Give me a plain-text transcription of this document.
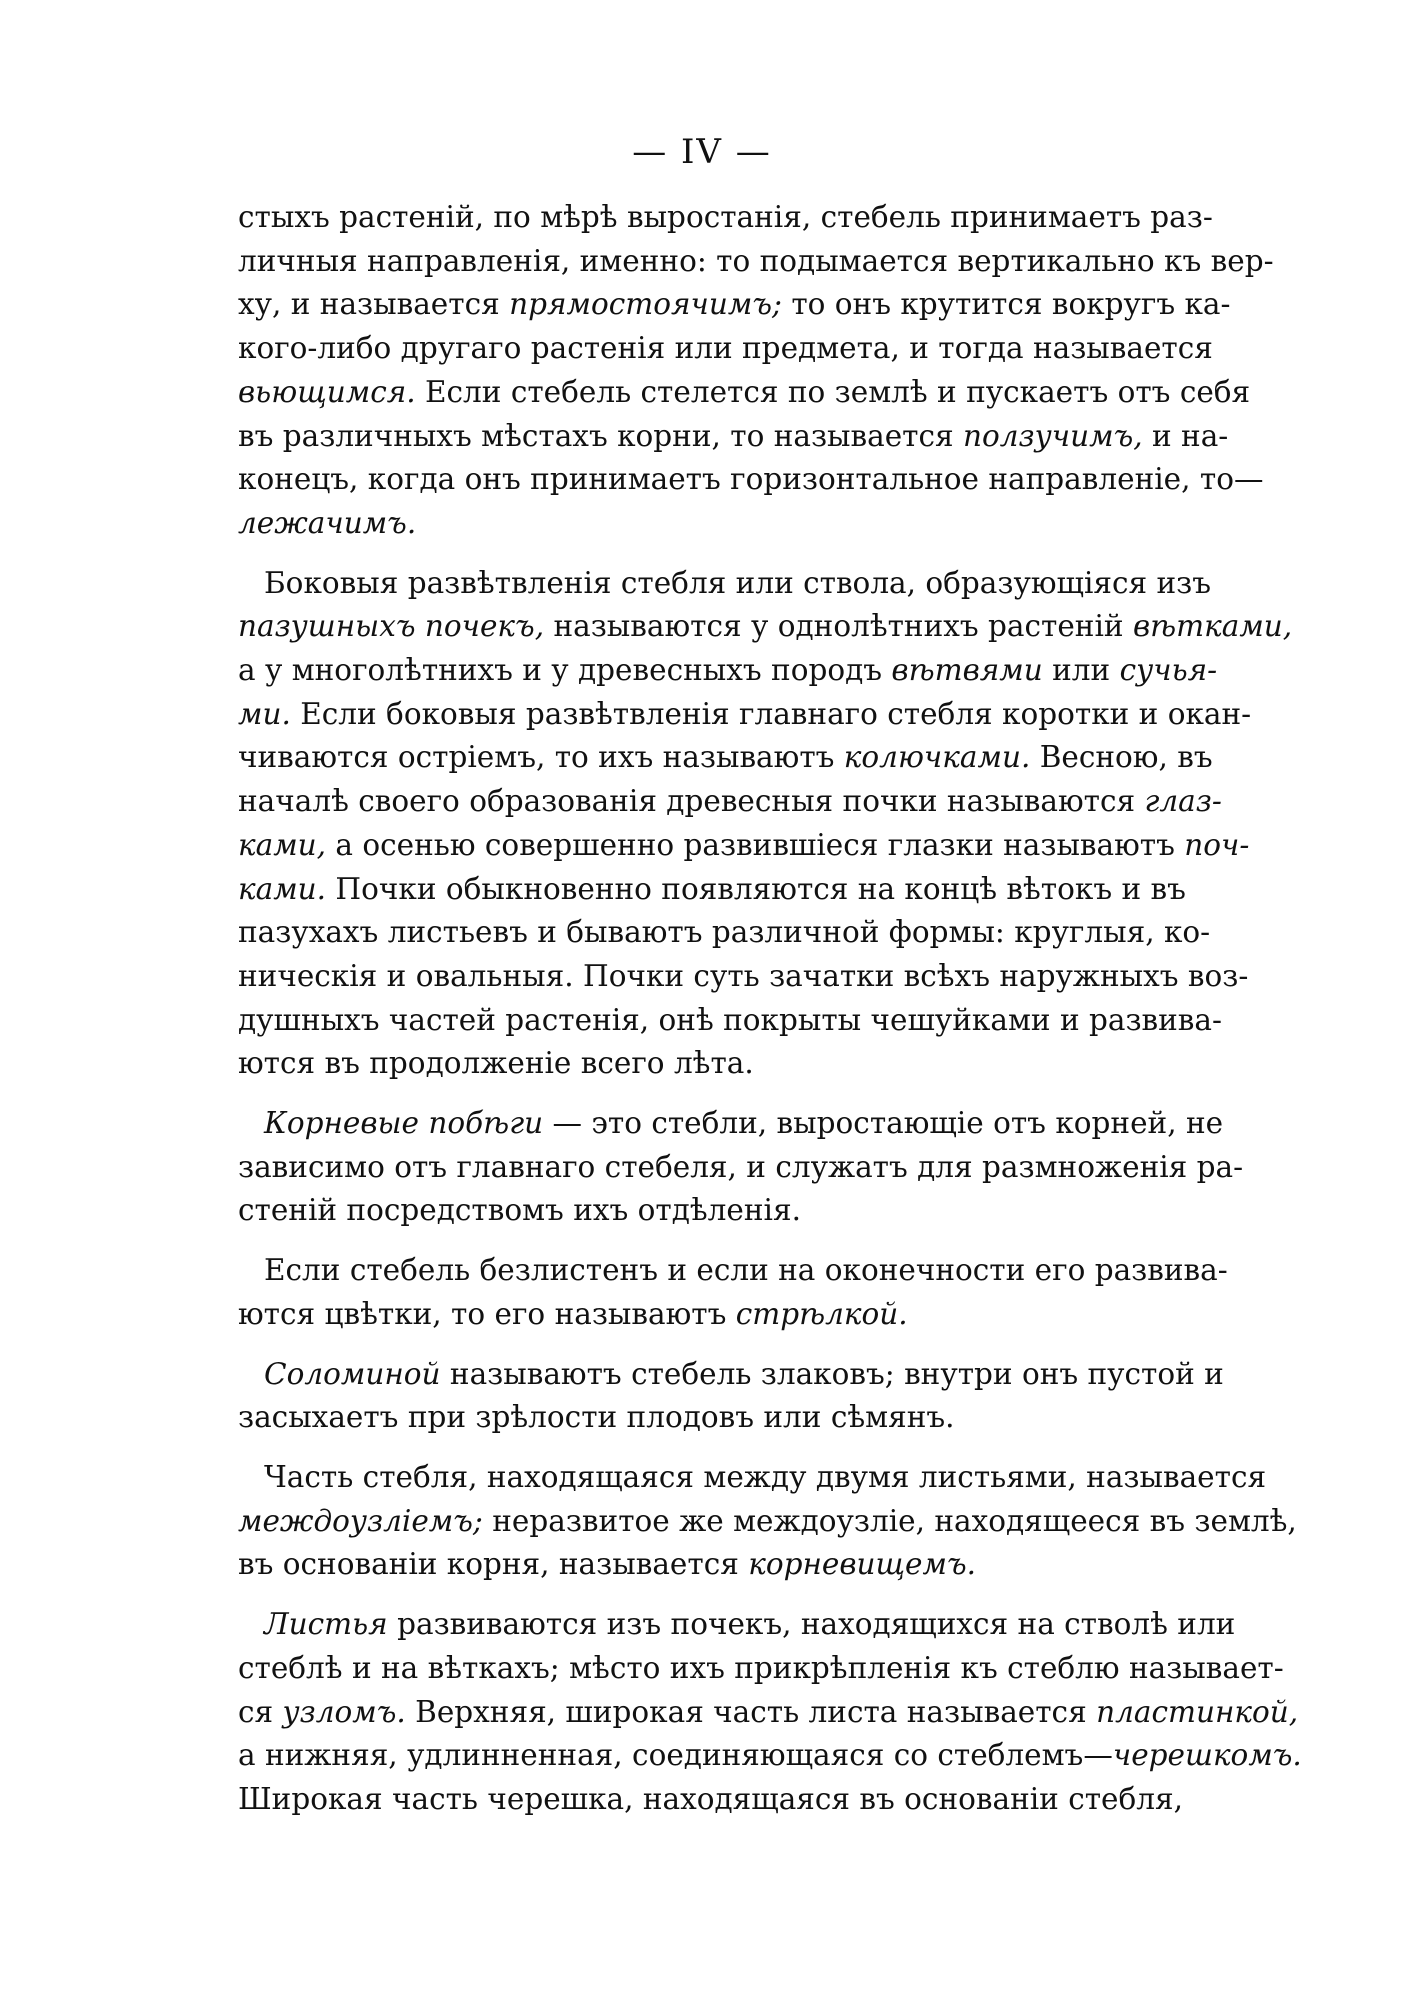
— IV —
стыхъ растеній, по мѣрѣ выростанія, стебель принимаетъ раз-
личныя направленія, именно: то подымается вертикально къ вер-
ху, и называется прямостоячимъ; то онъ крутится вокругъ ка-
кого-либо другаго растенія или предмета, и тогда называется
вьющимся. Если стебель стелется по землѣ и пускаетъ отъ себя
въ различныхъ мѣстахъ корни, то называется ползучимъ, и на-
конецъ, когда онъ принимаетъ горизонтальное направленіе, то—
лежачимъ.
Боковыя развѣтвленія стебля или ствола, образующіяся изъ
пазушныхъ почекъ, называются у однолѣтнихъ растеній вѣтками,
а у многолѣтнихъ и у древесныхъ породъ вѣтвями или сучья-
ми. Если боковыя развѣтвленія главнаго стебля коротки и окан-
чиваются остріемъ, то ихъ называютъ колючками. Весною, въ
началѣ своего образованія древесныя почки называются глаз-
ками, а осенью совершенно развившіеся глазки называютъ поч-
ками. Почки обыкновенно появляются на концѣ вѣтокъ и въ
пазухахъ листьевъ и бываютъ различной формы: круглыя, ко-
ническія и овальныя. Почки суть зачатки всѣхъ наружныхъ воз-
душныхъ частей растенія, онѣ покрыты чешуйками и развива-
ются въ продолженіе всего лѣта.
Корневые побѣги — это стебли, выростающіе отъ корней, не
зависимо отъ главнаго стебеля, и служатъ для размноженія ра-
стеній посредствомъ ихъ отдѣленія.
Если стебель безлистенъ и если на оконечности его развива-
ются цвѣтки, то его называютъ стрѣлкой.
Соломиной называютъ стебель злаковъ; внутри онъ пустой и
засыхаетъ при зрѣлости плодовъ или сѣмянъ.
Часть стебля, находящаяся между двумя листьями, называется
междоузліемъ; неразвитое же междоузліе, находящееся въ землѣ,
въ основаніи корня, называется корневищемъ.
Листья развиваются изъ почекъ, находящихся на стволѣ или
стеблѣ и на вѣткахъ; мѣсто ихъ прикрѣпленія къ стеблю называет-
ся узломъ. Верхняя, широкая часть листа называется пластинкой,
а нижняя, удлинненная, соединяющаяся со стеблемъ—черешкомъ.
Широкая часть черешка, находящаяся въ основаніи стебля,
